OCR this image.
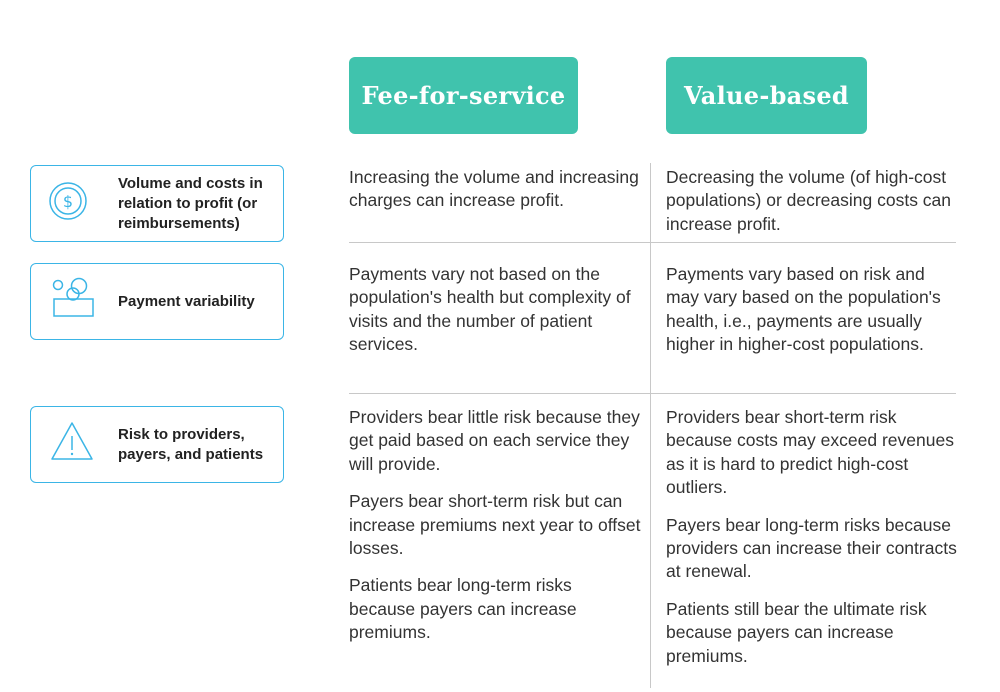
Fee-for-service	Value-based
$
Volume and costs in relation to profit (or reimbursements)
Payment variability
Risk to providers, payers, and patients

Increasing the volume and increasing charges can increase profit.

Decreasing the volume (of high-cost populations) or decreasing costs can increase profit.

Payments vary not based on the population's health but complexity of visits and the number of patient services.

Payments vary based on risk and may vary based on the population's health, i.e., payments are usually higher in higher-cost populations.

Providers bear little risk because they get paid based on each service they will provide.

Payers bear short-term risk but can increase premiums next year to offset losses.

Patients bear long-term risks because payers can increase premiums.

Providers bear short-term risk because costs may exceed revenues as it is hard to predict high-cost outliers.

Payers bear long-term risks because providers can increase their contracts at renewal.

Patients still bear the ultimate risk because payers can increase premiums.
